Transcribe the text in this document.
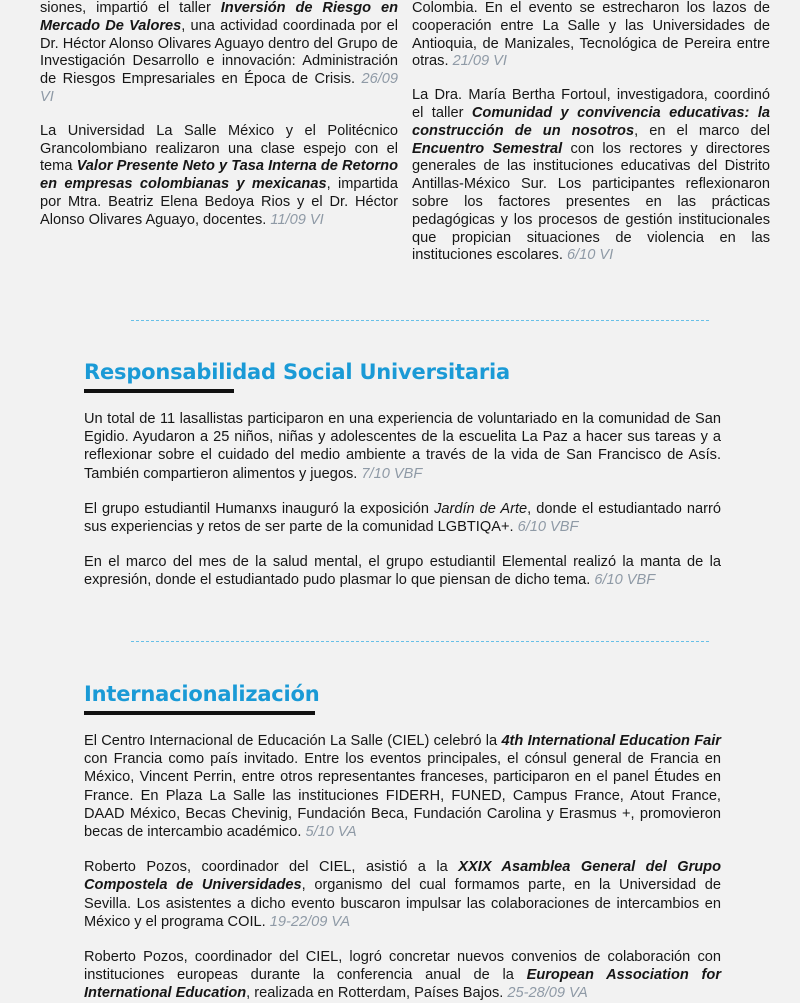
siones, impartió el taller Inversión de Riesgo en Mercado De Valores, una actividad coordinada por el Dr. Héctor Alonso Olivares Aguayo dentro del Grupo de Investigación Desarrollo e innovación: Administración de Riesgos Empresariales en Época de Crisis. 26/09 VI

La Universidad La Salle México y el Politécnico Grancolombiano realizaron una clase espejo con el tema Valor Presente Neto y Tasa Interna de Retorno en empresas colombianas y mexicanas, impartida por Mtra. Beatriz Elena Bedoya Rios y el Dr. Héctor Alonso Olivares Aguayo, docentes. 11/09 VI

Colombia. En el evento se estrecharon los lazos de cooperación entre La Salle y las Universidades de Antioquia, de Manizales, Tecnológica de Pereira entre otras. 21/09 VI

La Dra. María Bertha Fortoul, investigadora, coordinó el taller Comunidad y convivencia educativas: la construcción de un nosotros, en el marco del Encuentro Semestral con los rectores y directores generales de las instituciones educativas del Distrito Antillas-México Sur. Los participantes reflexionaron sobre los factores presentes en las prácticas pedagógicas y los procesos de gestión institucionales que propician situaciones de violencia en las instituciones escolares. 6/10 VI

Responsabilidad Social Universitaria

Un total de 11 lasallistas participaron en una experiencia de voluntariado en la comunidad de San Egidio. Ayudaron a 25 niños, niñas y adolescentes de la escuelita La Paz a hacer sus tareas y a reflexionar sobre el cuidado del medio ambiente a través de la vida de San Francisco de Asís. También compartieron alimentos y juegos. 7/10 VBF

El grupo estudiantil Humanxs inauguró la exposición Jardín de Arte, donde el estudiantado narró sus experiencias y retos de ser parte de la comunidad LGBTIQA+. 6/10 VBF

En el marco del mes de la salud mental, el grupo estudiantil Elemental realizó la manta de la expresión, donde el estudiantado pudo plasmar lo que piensan de dicho tema. 6/10 VBF

Internacionalización

El Centro Internacional de Educación La Salle (CIEL) celebró la 4th International Education Fair con Francia como país invitado. Entre los eventos principales, el cónsul general de Francia en México, Vincent Perrin, entre otros representantes franceses, participaron en el panel Études en France. En Plaza La Salle las instituciones FIDERH, FUNED, Campus France, Atout France, DAAD México, Becas Chevinig, Fundación Beca, Fundación Carolina y Erasmus +, promovieron becas de intercambio académico. 5/10 VA

Roberto Pozos, coordinador del CIEL, asistió a la XXIX Asamblea General del Grupo Compostela de Universidades, organismo del cual formamos parte, en la Universidad de Sevilla. Los asistentes a dicho evento buscaron impulsar las colaboraciones de intercambios en México y el programa COIL. 19-22/09 VA

Roberto Pozos, coordinador del CIEL, logró concretar nuevos convenios de colaboración con instituciones europeas durante la conferencia anual de la European Association for International Education, realizada en Rotterdam, Países Bajos. 25-28/09 VA
